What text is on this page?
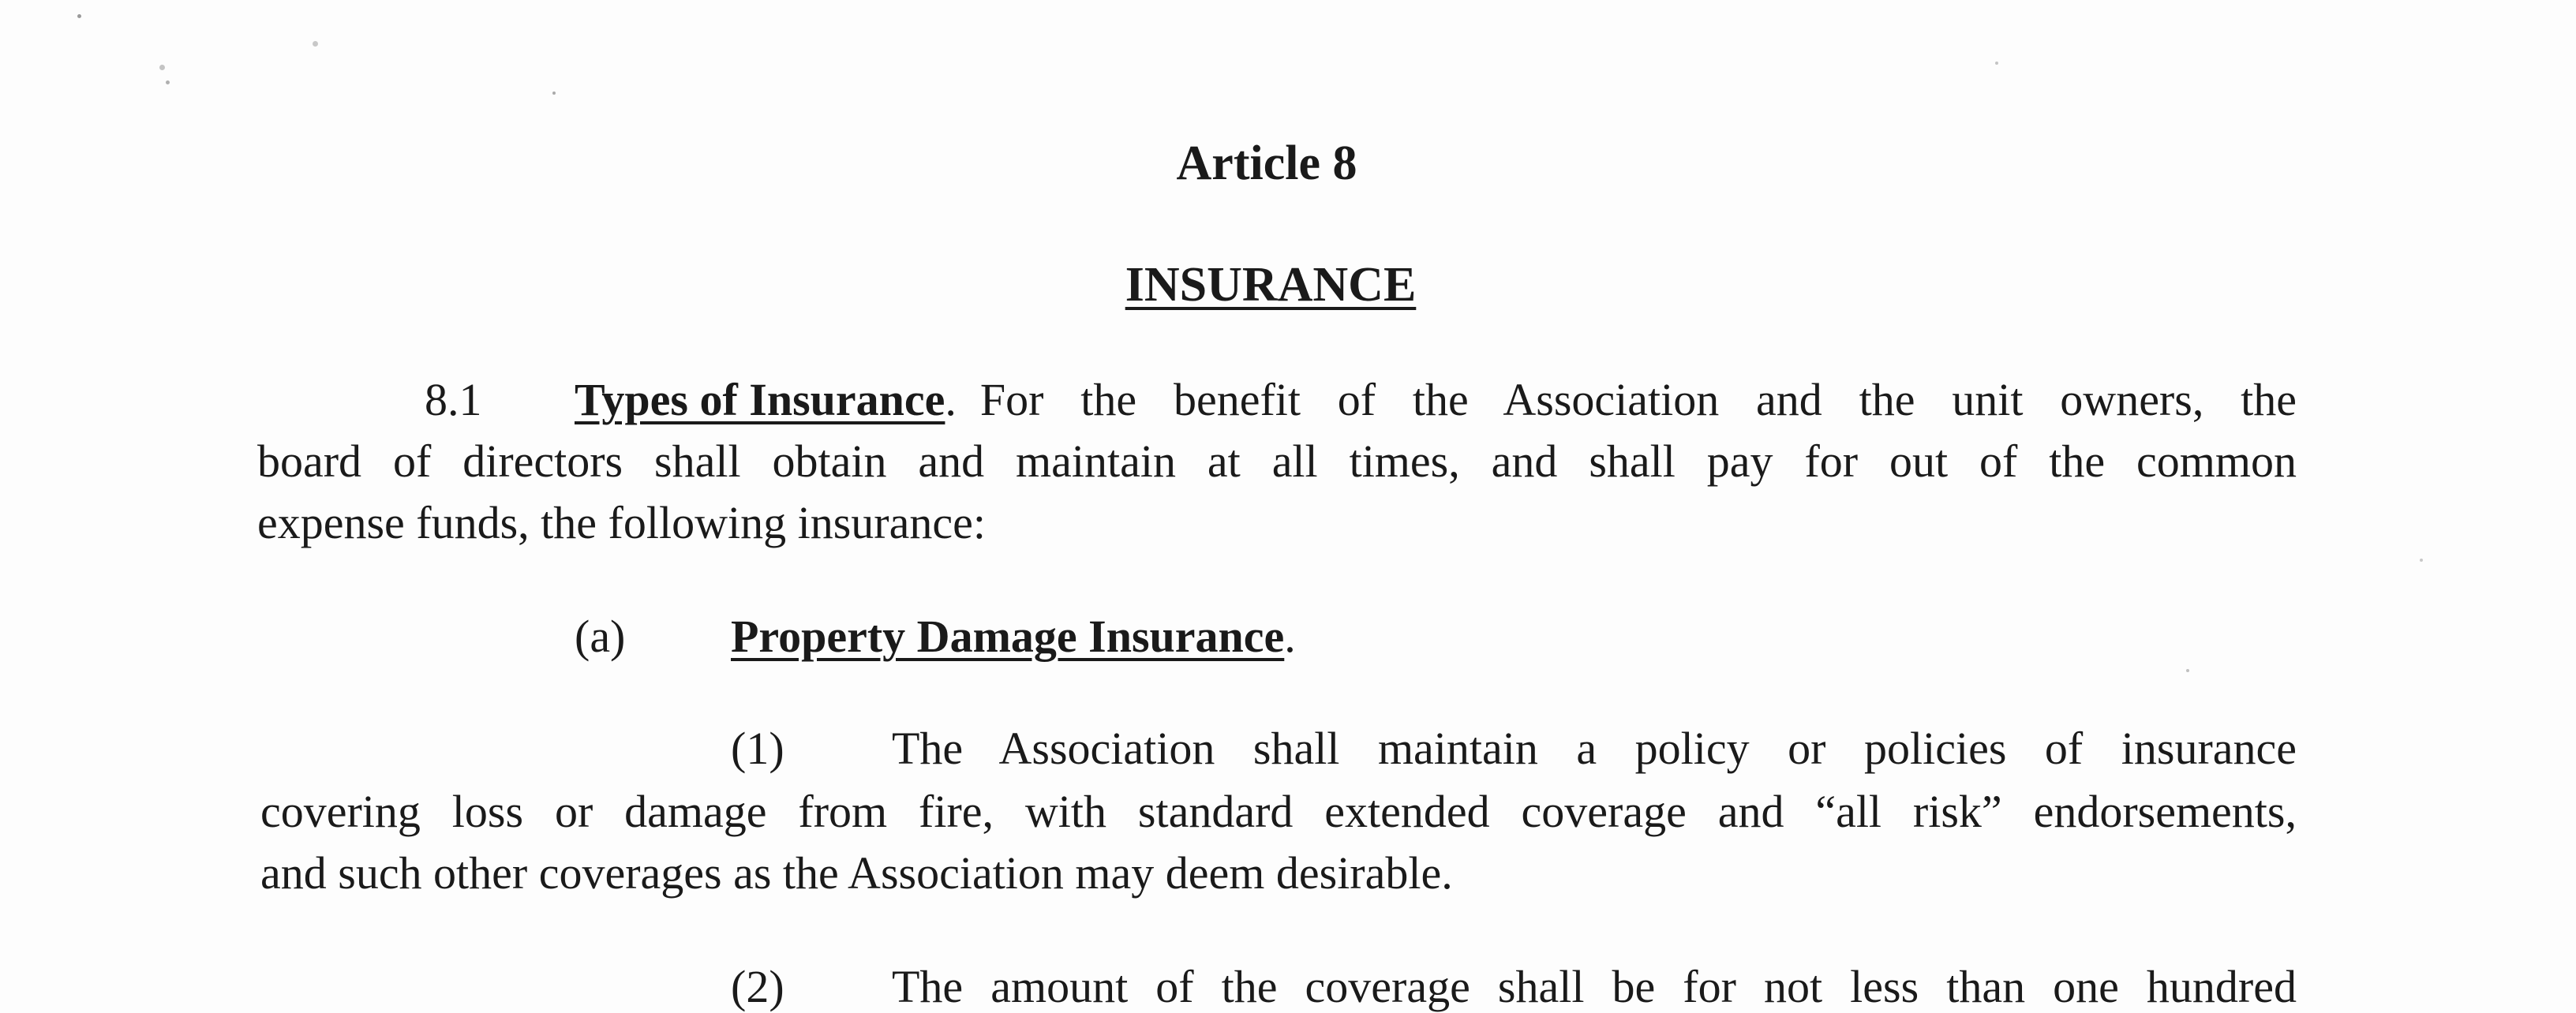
Article 8
INSURANCE
8.1 Types of Insurance . For the benefit of the Association and the unit owners, the
board of directors shall obtain and maintain at all times, and shall pay for out of the common
expense funds, the following insurance:
(a) Property Damage Insurance.
(1) The Association shall maintain a policy or policies of insurance
covering loss or damage from fire, with standard extended coverage and “all risk” endorsements,
and such other coverages as the Association may deem desirable.
(2) The amount of the coverage shall be for not less than one hundred
